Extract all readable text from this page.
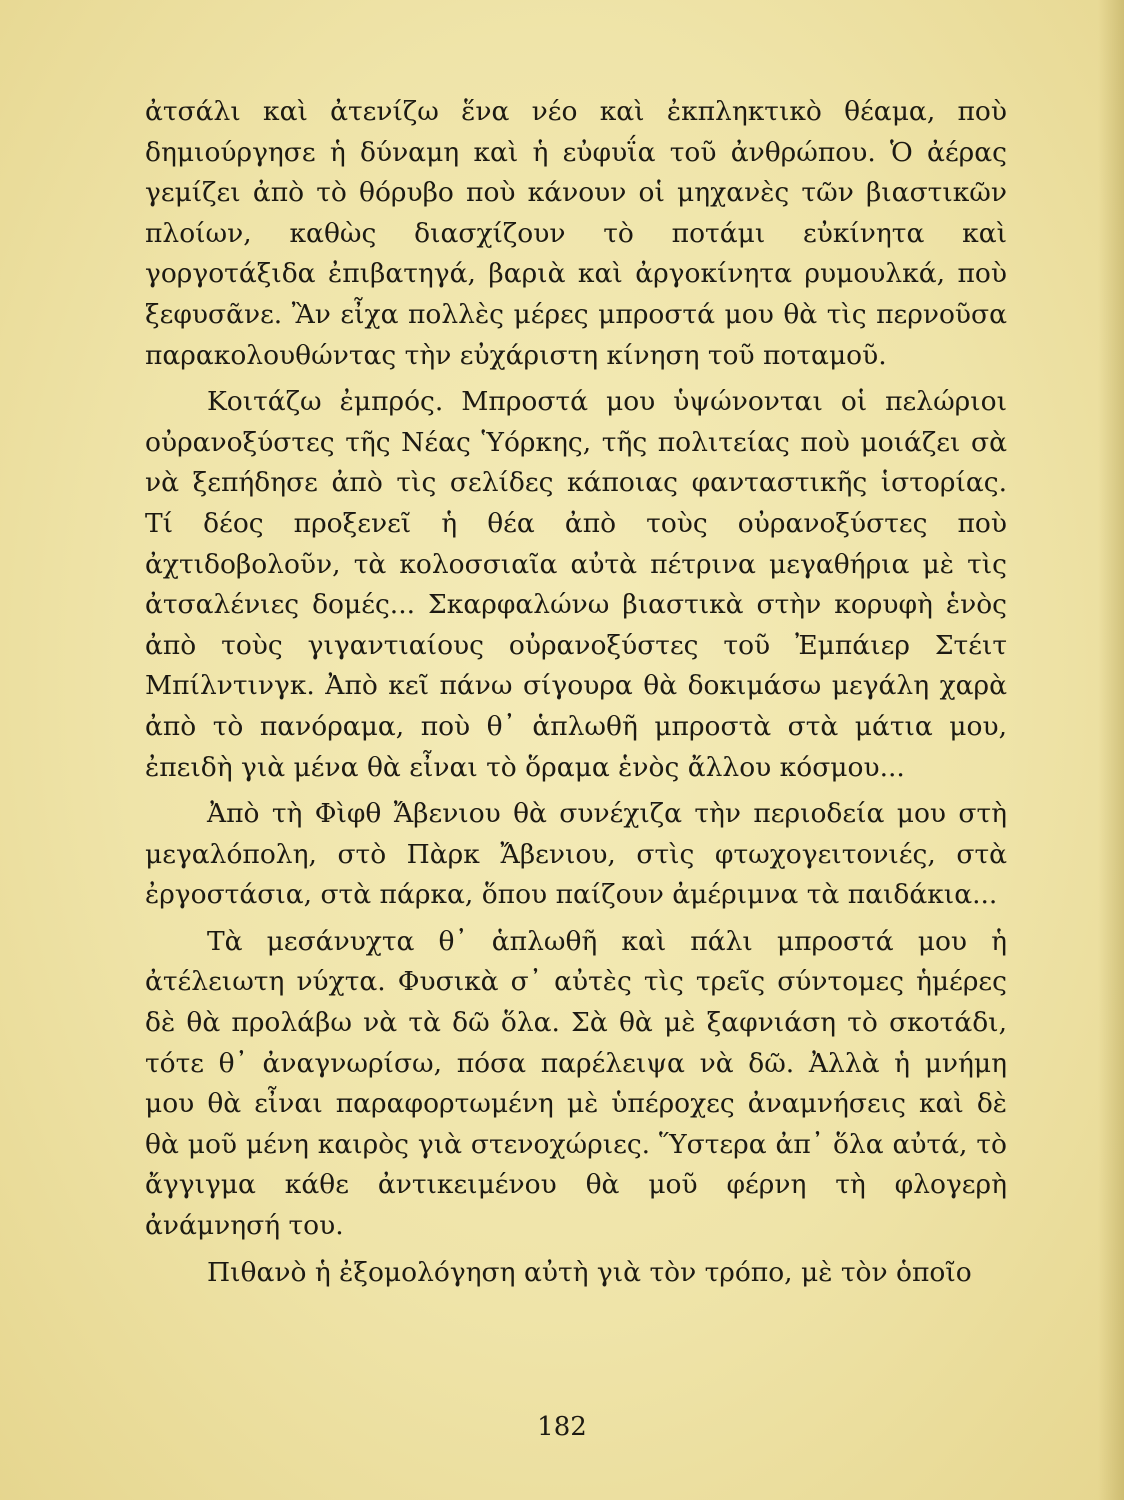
ἀτσάλι καὶ ἀτενίζω ἕνα νέο καὶ ἐκπληκτικὸ θέαμα, ποὺ δημιούργησε ἡ δύναμη καὶ ἡ εὐφυΐα τοῦ ἀνθρώπου. Ὁ ἀέρας γεμίζει ἀπὸ τὸ θόρυβο ποὺ κάνουν οἱ μηχανὲς τῶν βιαστικῶν πλοίων, καθὼς διασχίζουν τὸ ποτάμι εὐκίνητα καὶ γοργοτάξιδα ἐπιβατηγά, βαριὰ καὶ ἀργοκίνητα ρυμουλκά, ποὺ ξεφυσᾶνε. Ἂν εἶχα πολλὲς μέρες μπροστά μου θὰ τὶς περνοῦσα παρακολουθώντας τὴν εὐχάριστη κίνηση τοῦ ποταμοῦ.

Κοιτάζω ἐμπρός. Μπροστά μου ὑψώνονται οἱ πελώριοι οὐρανοξύστες τῆς Νέας Ὑόρκης, τῆς πολιτείας ποὺ μοιάζει σὰ νὰ ξεπήδησε ἀπὸ τὶς σελίδες κάποιας φανταστικῆς ἱστορίας. Τί δέος προξενεῖ ἡ θέα ἀπὸ τοὺς οὐρανοξύστες ποὺ ἀχτιδοβολοῦν, τὰ κολοσσιαῖα αὐτὰ πέτρινα μεγαθήρια μὲ τὶς ἀτσαλένιες δομές... Σκαρφαλώνω βιαστικὰ στὴν κορυφὴ ἑνὸς ἀπὸ τοὺς γιγαντιαίους οὐρανοξύστες τοῦ Ἐμπάιερ Στέιτ Μπίλντινγκ. Ἀπὸ κεῖ πάνω σίγουρα θὰ δοκιμάσω μεγάλη χαρὰ ἀπὸ τὸ πανόραμα, ποὺ θ᾿ ἁπλωθῆ μπροστὰ στὰ μάτια μου, ἐπειδὴ γιὰ μένα θὰ εἶναι τὸ ὅραμα ἑνὸς ἄλλου κόσμου...

Ἀπὸ τὴ Φὶφθ Ἄβενιου θὰ συνέχιζα τὴν περιοδεία μου στὴ μεγαλόπολη, στὸ Πὰρκ Ἄβενιου, στὶς φτωχογειτονιές, στὰ ἐργοστάσια, στὰ πάρκα, ὅπου παίζουν ἀμέριμνα τὰ παιδάκια...

Τὰ μεσάνυχτα θ᾿ ἁπλωθῆ καὶ πάλι μπροστά μου ἡ ἀτέλειωτη νύχτα. Φυσικὰ σ᾿ αὐτὲς τὶς τρεῖς σύντομες ἡμέρες δὲ θὰ προλάβω νὰ τὰ δῶ ὅλα. Σὰ θὰ μὲ ξαφνιάση τὸ σκοτάδι, τότε θ᾿ ἀναγνωρίσω, πόσα παρέλειψα νὰ δῶ. Ἀλλὰ ἡ μνήμη μου θὰ εἶναι παραφορτωμένη μὲ ὑπέροχες ἀναμνήσεις καὶ δὲ θὰ μοῦ μένη καιρὸς γιὰ στενοχώριες. Ὕστερα ἀπ᾿ ὅλα αὐτά, τὸ ἄγγιγμα κάθε ἀντικειμένου θὰ μοῦ φέρνη τὴ φλογερὴ ἀνάμνησή του.

Πιθανὸ ἡ ἐξομολόγηση αὐτὴ γιὰ τὸν τρόπο, μὲ τὸν ὁποῖο

182
